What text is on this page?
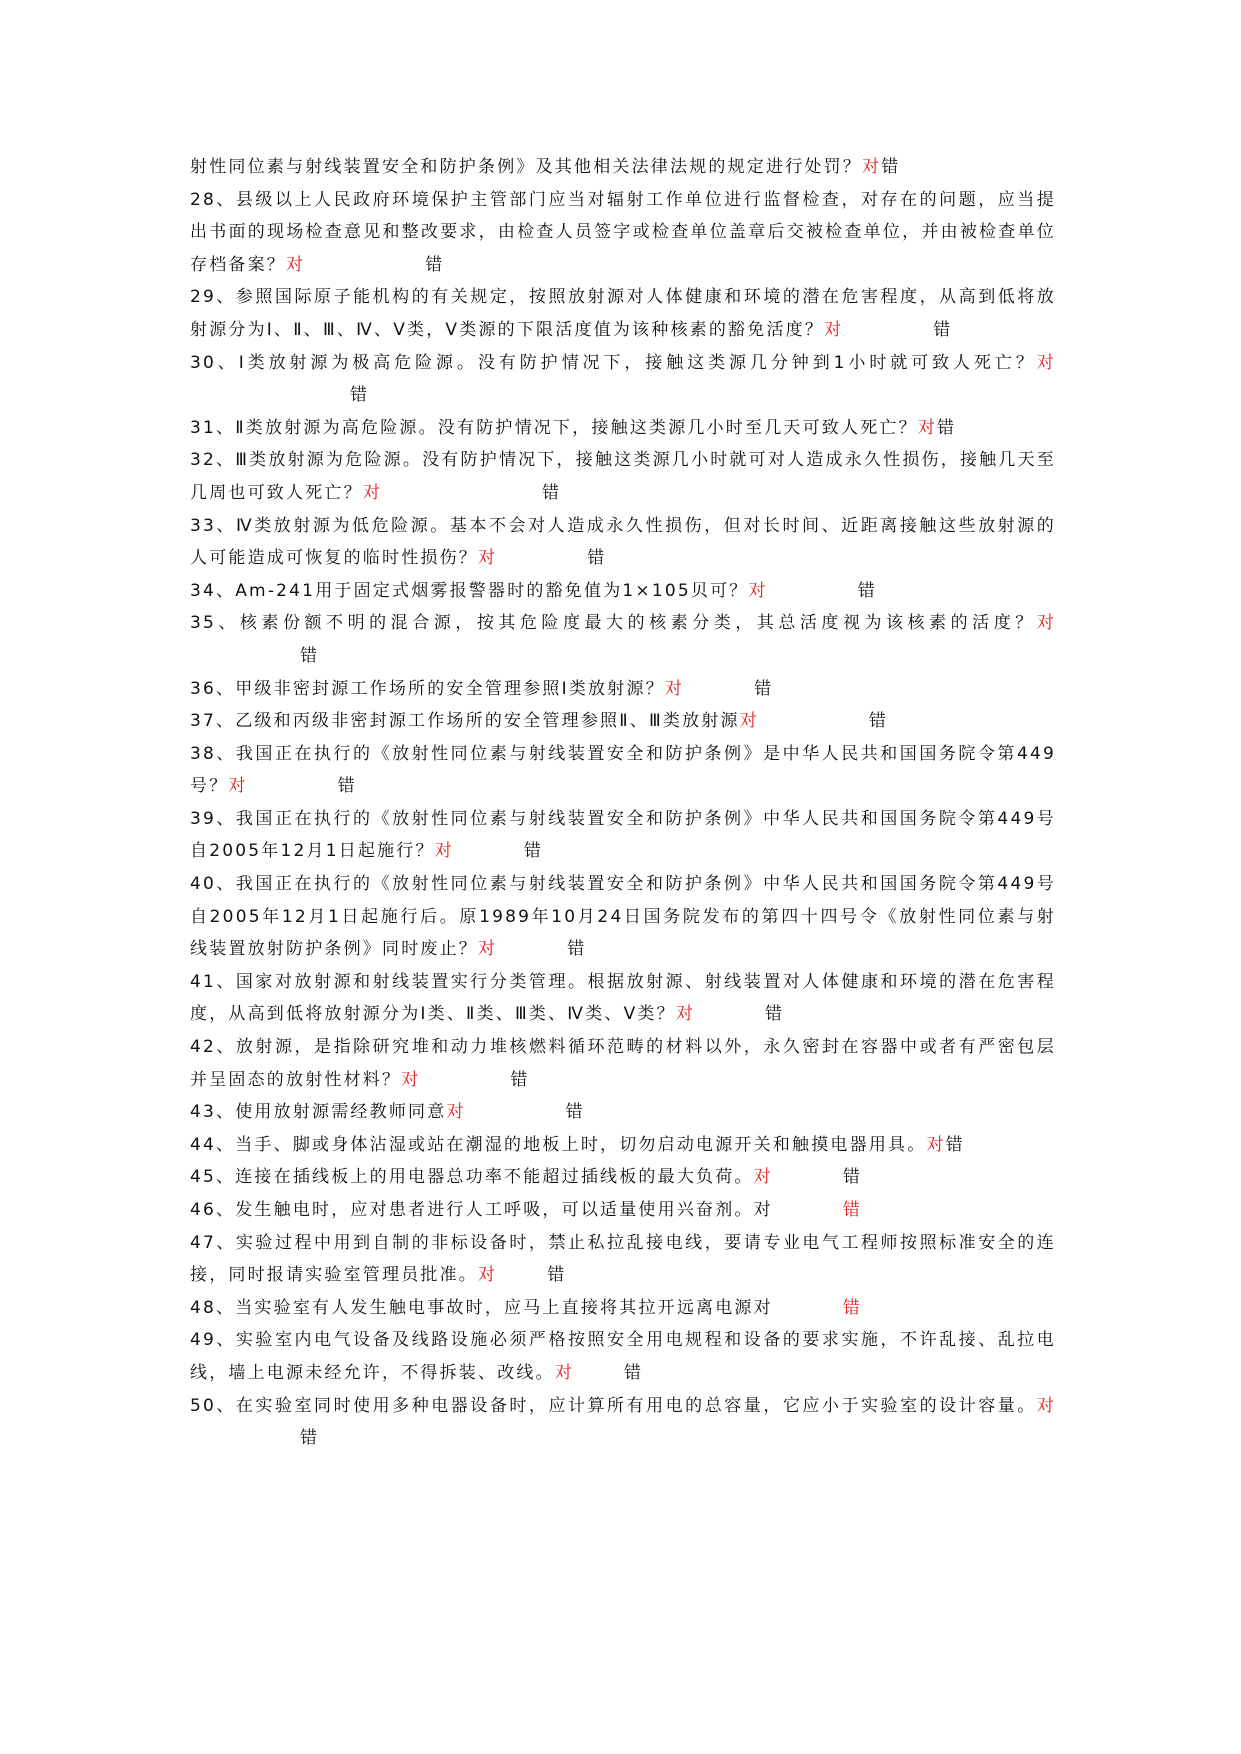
射性同位素与射线装置安全和防护条例》及其他相关法律法规的规定进行处罚？对错

28、县级以上人民政府环境保护主管部门应当对辐射工作单位进行监督检查，对存在的问题，应当提出书面的现场检查意见和整改要求，由检查人员签字或检查单位盖章后交被检查单位，并由被检查单位存档备案？对	错

29、参照国际原子能机构的有关规定，按照放射源对人体健康和环境的潜在危害程度，从高到低将放射源分为Ⅰ、Ⅱ、Ⅲ、Ⅳ、Ⅴ类，Ⅴ类源的下限活度值为该种核素的豁免活度？对	错

30、Ⅰ类放射源为极高危险源。没有防护情况下，接触这类源几分钟到1小时就可致人死亡？对错

31、Ⅱ类放射源为高危险源。没有防护情况下，接触这类源几小时至几天可致人死亡？对错

32、Ⅲ类放射源为危险源。没有防护情况下，接触这类源几小时就可对人造成永久性损伤，接触几天至几周也可致人死亡？对	错

33、Ⅳ类放射源为低危险源。基本不会对人造成永久性损伤，但对长时间、近距离接触这些放射源的人可能造成可恢复的临时性损伤？对	错

34、Am-241用于固定式烟雾报警器时的豁免值为1×105贝可？对	错

35、核素份额不明的混合源，按其危险度最大的核素分类，其总活度视为该核素的活度？对错

36、甲级非密封源工作场所的安全管理参照Ⅰ类放射源？对	错

37、乙级和丙级非密封源工作场所的安全管理参照Ⅱ、Ⅲ类放射源对	错

38、我国正在执行的《放射性同位素与射线装置安全和防护条例》是中华人民共和国国务院令第449号？对	错

39、我国正在执行的《放射性同位素与射线装置安全和防护条例》中华人民共和国国务院令第449号自2005年12月1日起施行？对	错

40、我国正在执行的《放射性同位素与射线装置安全和防护条例》中华人民共和国国务院令第449号自2005年12月1日起施行后。原1989年10月24日国务院发布的第四十四号令《放射性同位素与射线装置放射防护条例》同时废止？对	错

41、国家对放射源和射线装置实行分类管理。根据放射源、射线装置对人体健康和环境的潜在危害程度，从高到低将放射源分为Ⅰ类、Ⅱ类、Ⅲ类、Ⅳ类、Ⅴ类？对	错

42、放射源，是指除研究堆和动力堆核燃料循环范畴的材料以外，永久密封在容器中或者有严密包层并呈固态的放射性材料？对	错

43、使用放射源需经教师同意对	错

44、当手、脚或身体沾湿或站在潮湿的地板上时，切勿启动电源开关和触摸电器用具。对错

45、连接在插线板上的用电器总功率不能超过插线板的最大负荷。对	错

46、发生触电时，应对患者进行人工呼吸，可以适量使用兴奋剂。对	错

47、实验过程中用到自制的非标设备时，禁止私拉乱接电线，要请专业电气工程师按照标准安全的连接，同时报请实验室管理员批准。对	错

48、当实验室有人发生触电事故时，应马上直接将其拉开远离电源对	错

49、实验室内电气设备及线路设施必须严格按照安全用电规程和设备的要求实施，不许乱接、乱拉电线，墙上电源未经允许，不得拆装、改线。对	错

50、在实验室同时使用多种电器设备时，应计算所有用电的总容量，它应小于实验室的设计容量。对错
